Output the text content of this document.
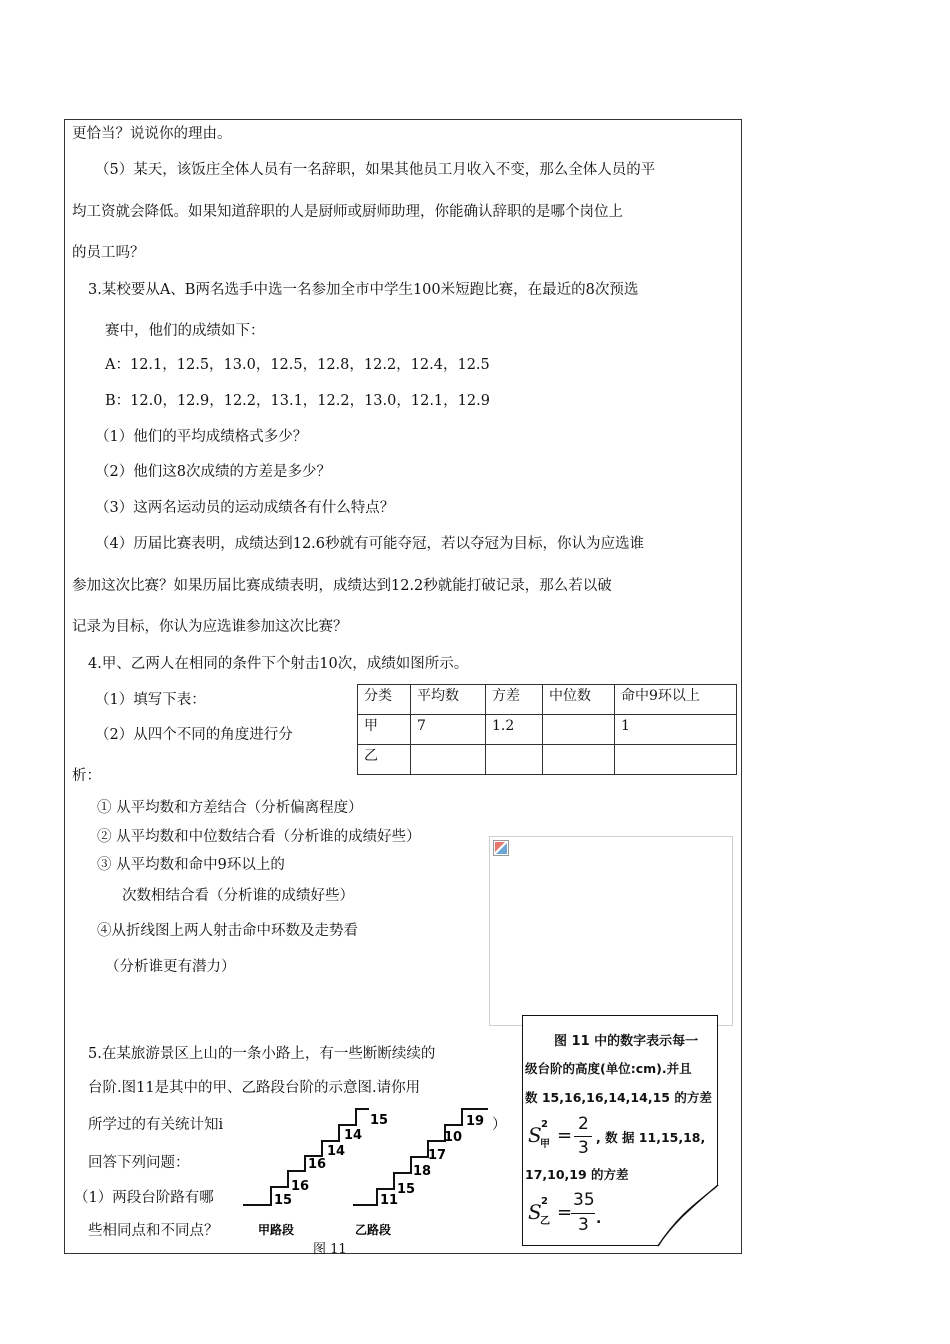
更恰当？说说你的理由。
（5）某天，该饭庄全体人员有一名辞职，如果其他员工月收入不变，那么全体人员的平
均工资就会降低。如果知道辞职的人是厨师或厨师助理，你能确认辞职的是哪个岗位上
的员工吗？
3.某校要从A、B两名选手中选一名参加全市中学生100米短跑比赛，在最近的8次预选
赛中，他们的成绩如下：
A：12.1，12.5，13.0，12.5，12.8，12.2，12.4，12.5
B：12.0，12.9，12.2，13.1，12.2，13.0，12.1，12.9
（1）他们的平均成绩格式多少？
（2）他们这8次成绩的方差是多少？
（3）这两名运动员的运动成绩各有什么特点？
（4）历届比赛表明，成绩达到12.6秒就有可能夺冠，若以夺冠为目标，你认为应选谁
参加这次比赛？如果历届比赛成绩表明，成绩达到12.2秒就能打破记录，那么若以破
记录为目标，你认为应选谁参加这次比赛？
4.甲、乙两人在相同的条件下个射击10次，成绩如图所示。
（1）填写下表：
（2）从四个不同的角度进行分
析：
分类	平均数	方差	中位数	命中9环以上
甲	7	1.2		1
乙				
① 从平均数和方差结合（分析偏离程度）
② 从平均数和中位数结合看（分析谁的成绩好些）
③ 从平均数和命中9环以上的
次数相结合看（分析谁的成绩好些）
④从折线图上两人射击命中环数及走势看
（分析谁更有潜力）
5.在某旅游景区上山的一条小路上，有一些断断续续的
台阶.图11是其中的甲、乙路段台阶的示意图.请你用
所学过的有关统计知i	）
回答下列问题：
（1）两段台阶路有哪
些相同点和不同点？
15
16
16
14
14
15
甲路段
11
15
18
17
10
19
乙路段
图 11
图 11 中的数字表示每一
级台阶的高度(单位:cm).并且
数 15,16,16,14,14,15 的方差
S 2
甲 =
2
3
, 数 据 11,15,18,
17,10,19 的方差
S 2
乙 =
35
3 .
